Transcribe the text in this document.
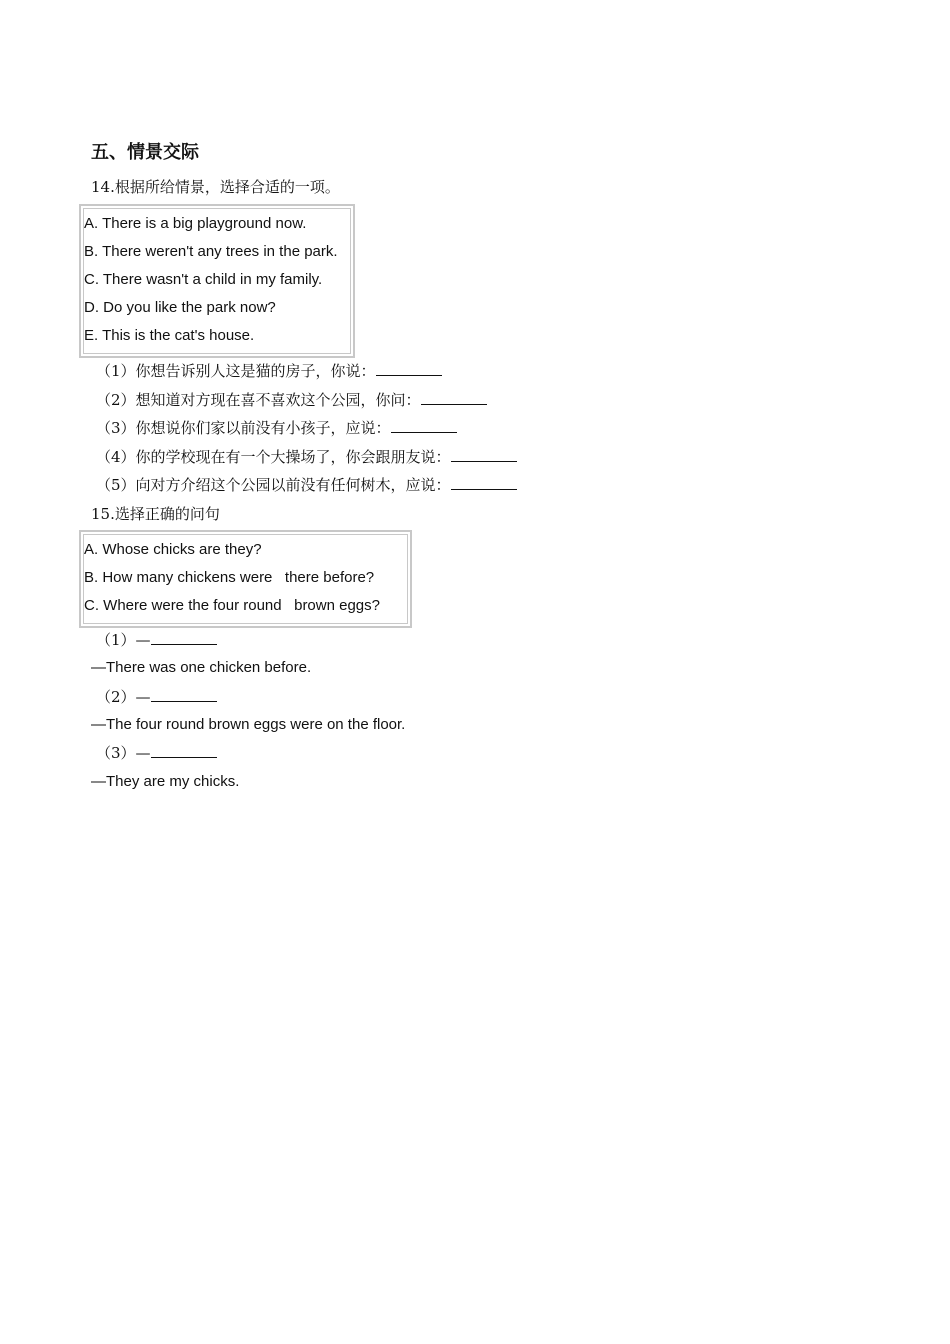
五、情景交际
14.根据所给情景，选择合适的一项。
A. There is a big playground now.
B. There weren't any trees in the park.
C. There wasn't a child in my family.
D. Do you like the park now?
E. This is the cat's house.
（1）你想告诉别人这是猫的房子，你说：
（2）想知道对方现在喜不喜欢这个公园，你问：
（3）你想说你们家以前没有小孩子，应说：
（4）你的学校现在有一个大操场了，你会跟朋友说：
（5）向对方介绍这个公园以前没有任何树木，应说：
15.选择正确的问句
A. Whose chicks are they?
B. How many chickens were   there before?
C. Where were the four round   brown eggs?
（1）—
—There was one chicken before.
（2）—
—The four round brown eggs were on the floor.
（3）—
—They are my chicks.
